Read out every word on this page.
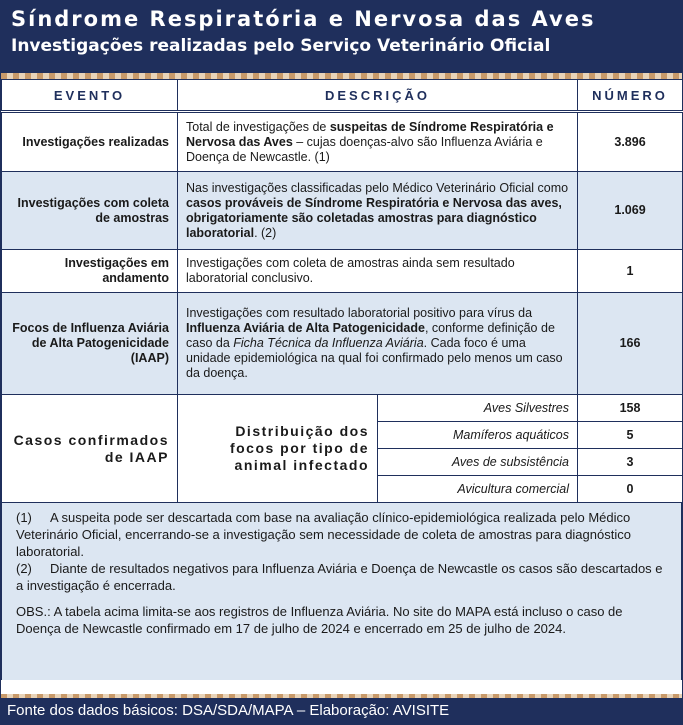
Síndrome Respiratória e Nervosa das Aves
Investigações realizadas pelo Serviço Veterinário Oficial
EVENTO	DESCRIÇÃO		NÚMERO
Investigações realizadas	Total de investigações de suspeitas de Síndrome Respiratória e Nervosa das Aves – cujas doenças-alvo são Influenza Aviária e Doença de Newcastle. (1)		3.896
Investigações com coleta de amostras	Nas investigações classificadas pelo Médico Veterinário Oficial como casos prováveis de Síndrome Respiratória e Nervosa das aves, obrigatoriamente são coletadas amostras para diagnóstico laboratorial. (2)		1.069
Investigações em andamento	Investigações com coleta de amostras ainda sem resultado laboratorial conclusivo.		1
Focos de Influenza Aviária de Alta Patogenicidade (IAAP)	Investigações com resultado laboratorial positivo para vírus da Influenza Aviária de Alta Patogenicidade, conforme definição de caso da Ficha Técnica da Influenza Aviária. Cada foco é uma unidade epidemiológica na qual foi confirmado pelo menos um caso da doença.		166
Casos confirmados de IAAP	Distribuição dos focos por tipo de animal infectado	Aves Silvestres	158
		Mamíferos aquáticos	5
		Aves de subsistência	3
		Avicultura comercial	0

(1) A suspeita pode ser descartada com base na avaliação clínico-epidemiológica realizada pelo Médico Veterinário Oficial, encerrando-se a investigação sem necessidade de coleta de amostras para diagnóstico laboratorial.

(2) Diante de resultados negativos para Influenza Aviária e Doença de Newcastle os casos são descartados e a investigação é encerrada.

OBS.: A tabela acima limita-se aos registros de Influenza Aviária. No site do MAPA está incluso o caso de Doença de Newcastle confirmado em 17 de julho de 2024 e encerrado em 25 de julho de 2024.

Fonte dos dados básicos: DSA/SDA/MAPA – Elaboração: AVISITE
